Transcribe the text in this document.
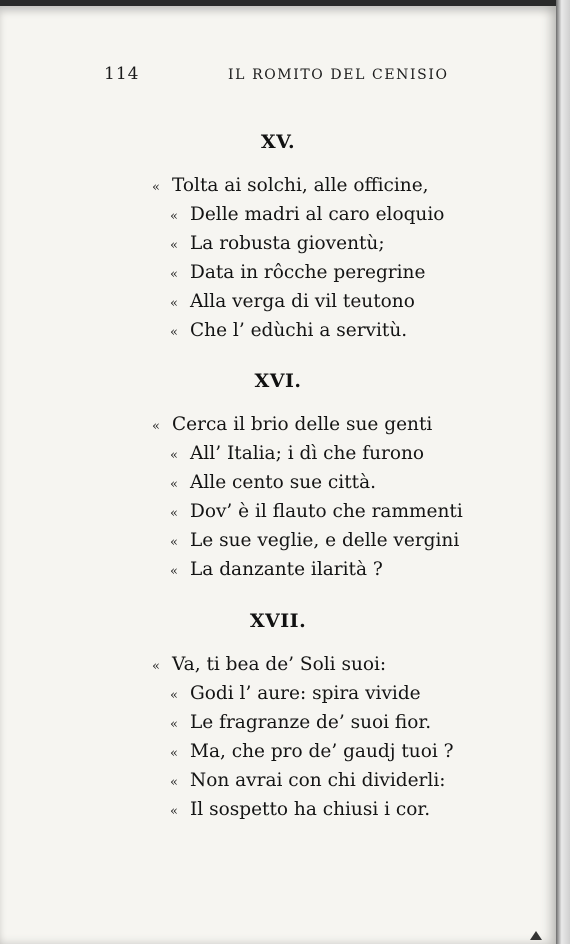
114	IL ROMITO DEL CENISIO
XV.
« Tolta ai solchi, alle officine,
« Delle madri al caro eloquio
« La robusta gioventù;
« Data in rôcche peregrine
« Alla verga di vil teutono
« Che l’ edùchi a servitù.
XVI.
« Cerca il brio delle sue genti
« All’ Italia; i dì che furono
« Alle cento sue città.
« Dov’ è il flauto che rammenti
« Le sue veglie, e delle vergini
« La danzante ilarità ?
XVII.
« Va, ti bea de’ Soli suoi:
« Godi l’ aure: spira vivide
« Le fragranze de’ suoi fior.
« Ma, che pro de’ gaudj tuoi ?
« Non avrai con chi dividerli:
« Il sospetto ha chiusi i cor.
